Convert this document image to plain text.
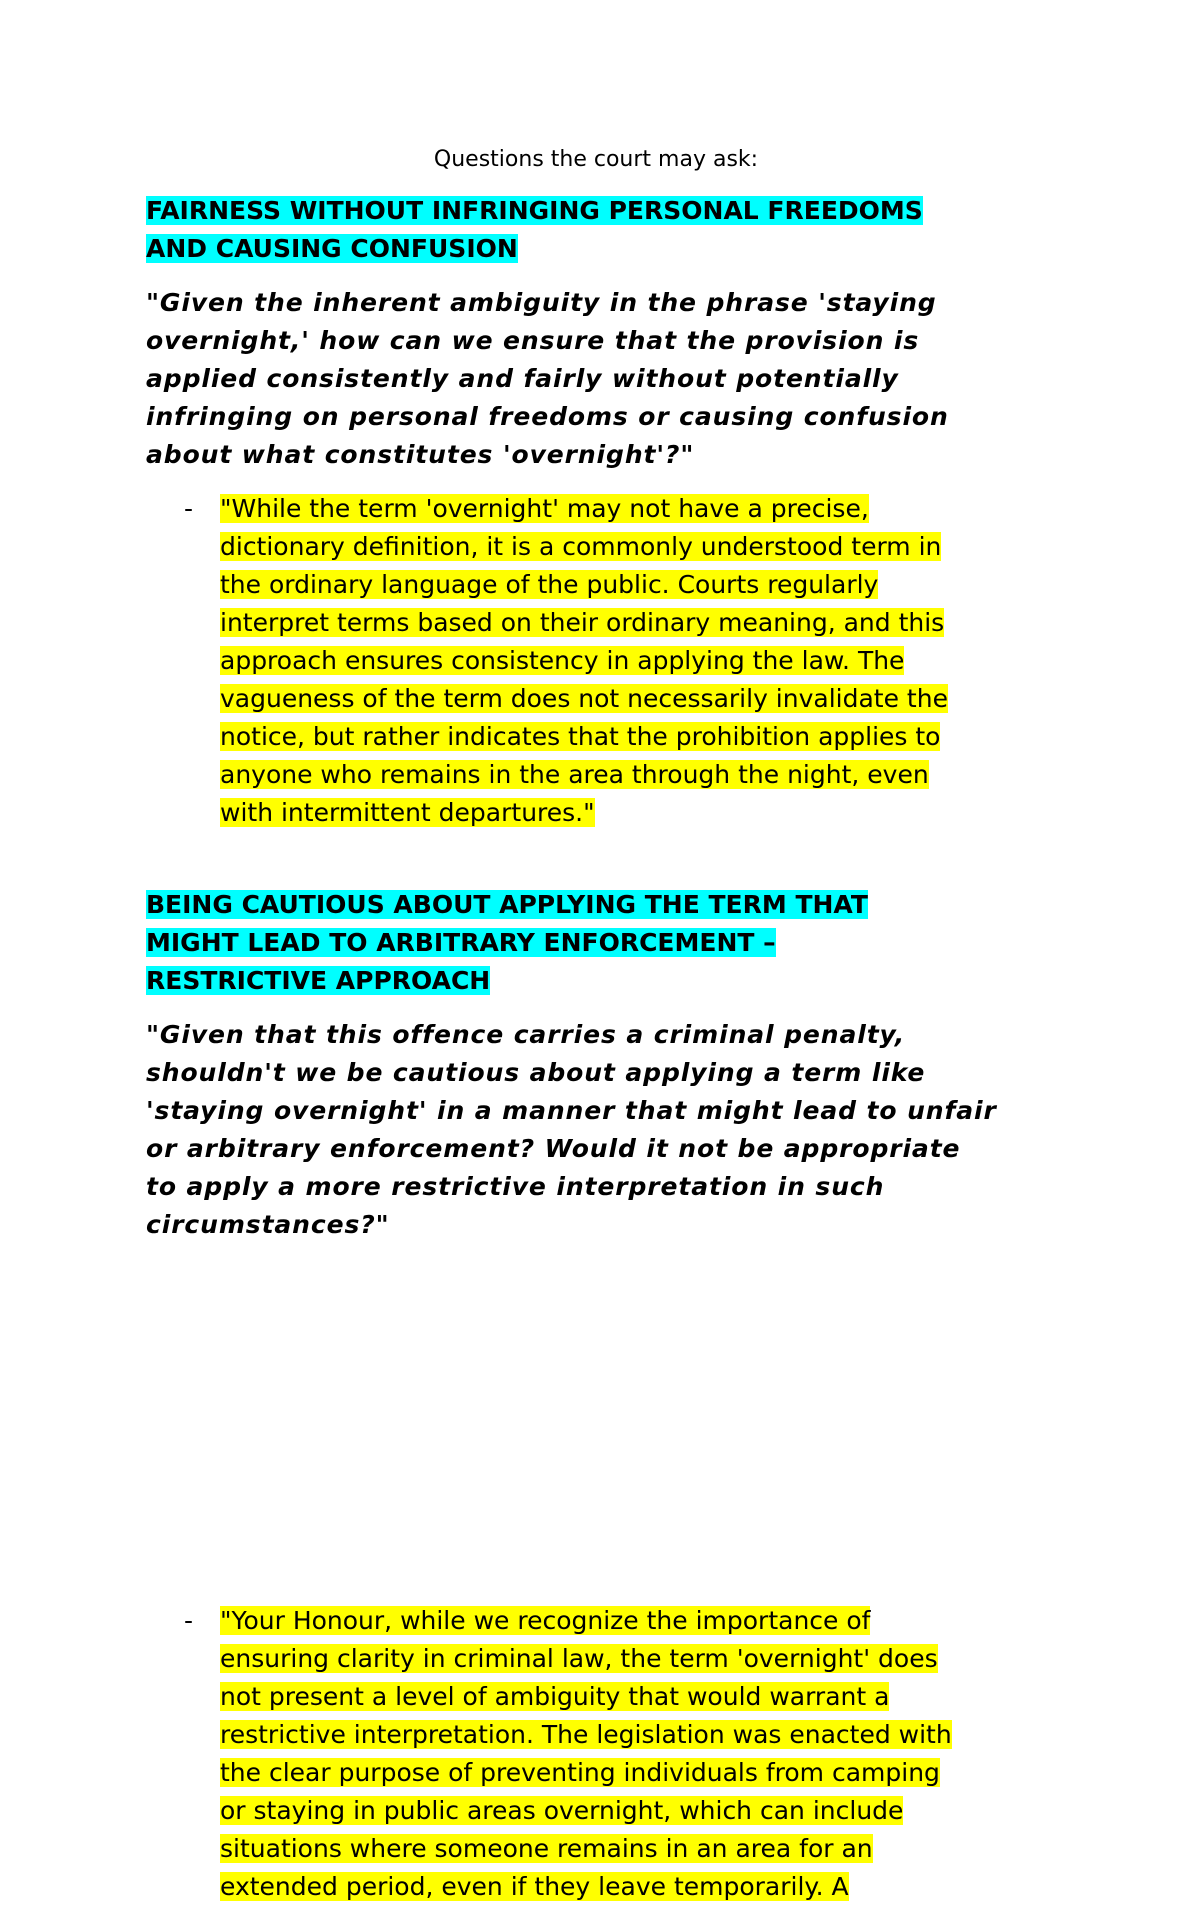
Questions the court may ask:
FAIRNESS WITHOUT INFRINGING PERSONAL FREEDOMS
AND CAUSING CONFUSION
"Given the inherent ambiguity in the phrase 'staying
overnight,' how can we ensure that the provision is
applied consistently and fairly without potentially
infringing on personal freedoms or causing confusion
about what constitutes 'overnight'?"
- "While the term 'overnight' may not have a precise,
dictionary definition, it is a commonly understood term in
the ordinary language of the public. Courts regularly
interpret terms based on their ordinary meaning, and this
approach ensures consistency in applying the law. The
vagueness of the term does not necessarily invalidate the
notice, but rather indicates that the prohibition applies to
anyone who remains in the area through the night, even
with intermittent departures."
BEING CAUTIOUS ABOUT APPLYING THE TERM THAT
MIGHT LEAD TO ARBITRARY ENFORCEMENT –
RESTRICTIVE APPROACH
"Given that this offence carries a criminal penalty,
shouldn't we be cautious about applying a term like
'staying overnight' in a manner that might lead to unfair
or arbitrary enforcement? Would it not be appropriate
to apply a more restrictive interpretation in such
circumstances?"
- "Your Honour, while we recognize the importance of
ensuring clarity in criminal law, the term 'overnight' does
not present a level of ambiguity that would warrant a
restrictive interpretation. The legislation was enacted with
the clear purpose of preventing individuals from camping
or staying in public areas overnight, which can include
situations where someone remains in an area for an
extended period, even if they leave temporarily. A
